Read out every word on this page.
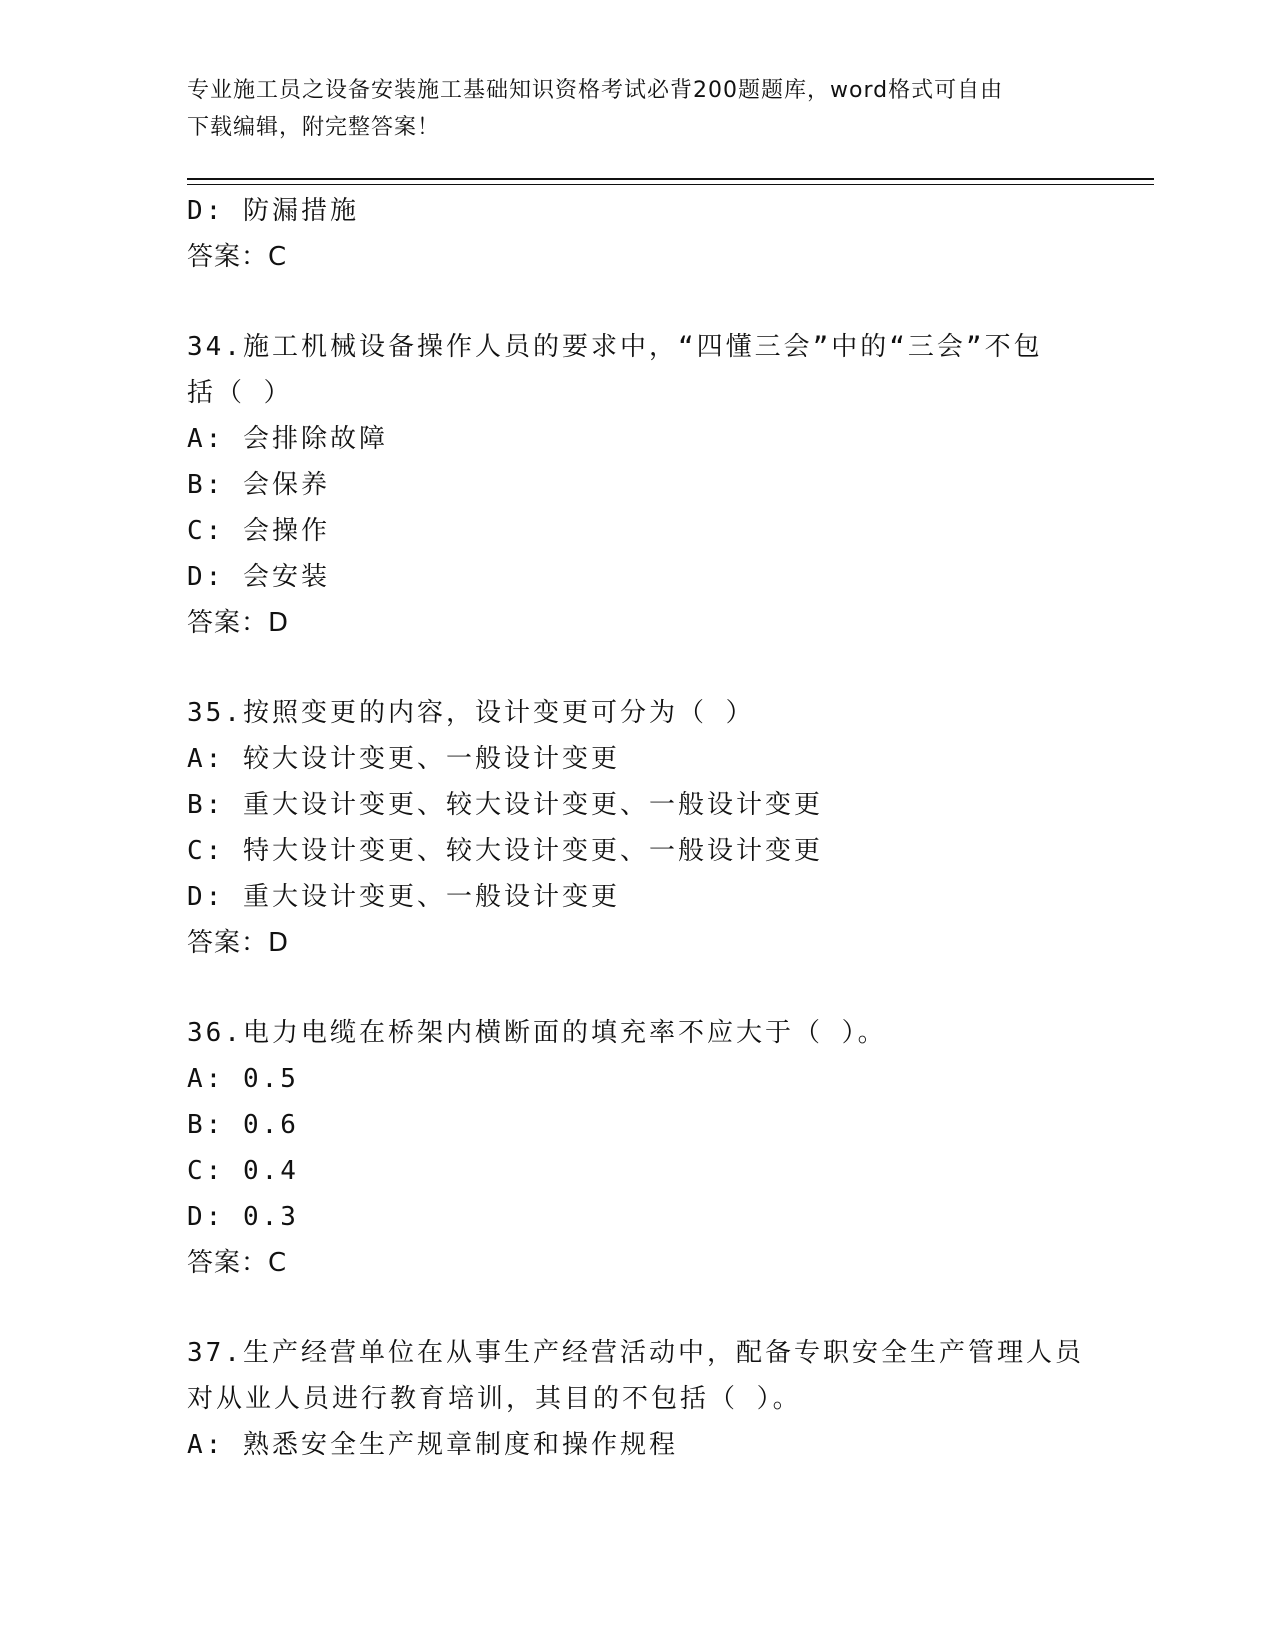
专业施工员之设备安装施工基础知识资格考试必背200题题库，word格式可自由
下载编辑，附完整答案！
D: 防漏措施
答案：C
34.施工机械设备操作人员的要求中，“四懂三会”中的“三会”不包
括（ ）
A: 会排除故障
B: 会保养
C: 会操作
D: 会安装
答案：D
35.按照变更的内容，设计变更可分为（ ）
A: 较大设计变更、一般设计变更
B: 重大设计变更、较大设计变更、一般设计变更
C: 特大设计变更、较大设计变更、一般设计变更
D: 重大设计变更、一般设计变更
答案：D
36.电力电缆在桥架内横断面的填充率不应大于（ ）。
A: 0.5
B: 0.6
C: 0.4
D: 0.3
答案：C
37.生产经营单位在从事生产经营活动中，配备专职安全生产管理人员
对从业人员进行教育培训，其目的不包括（ ）。
A: 熟悉安全生产规章制度和操作规程
